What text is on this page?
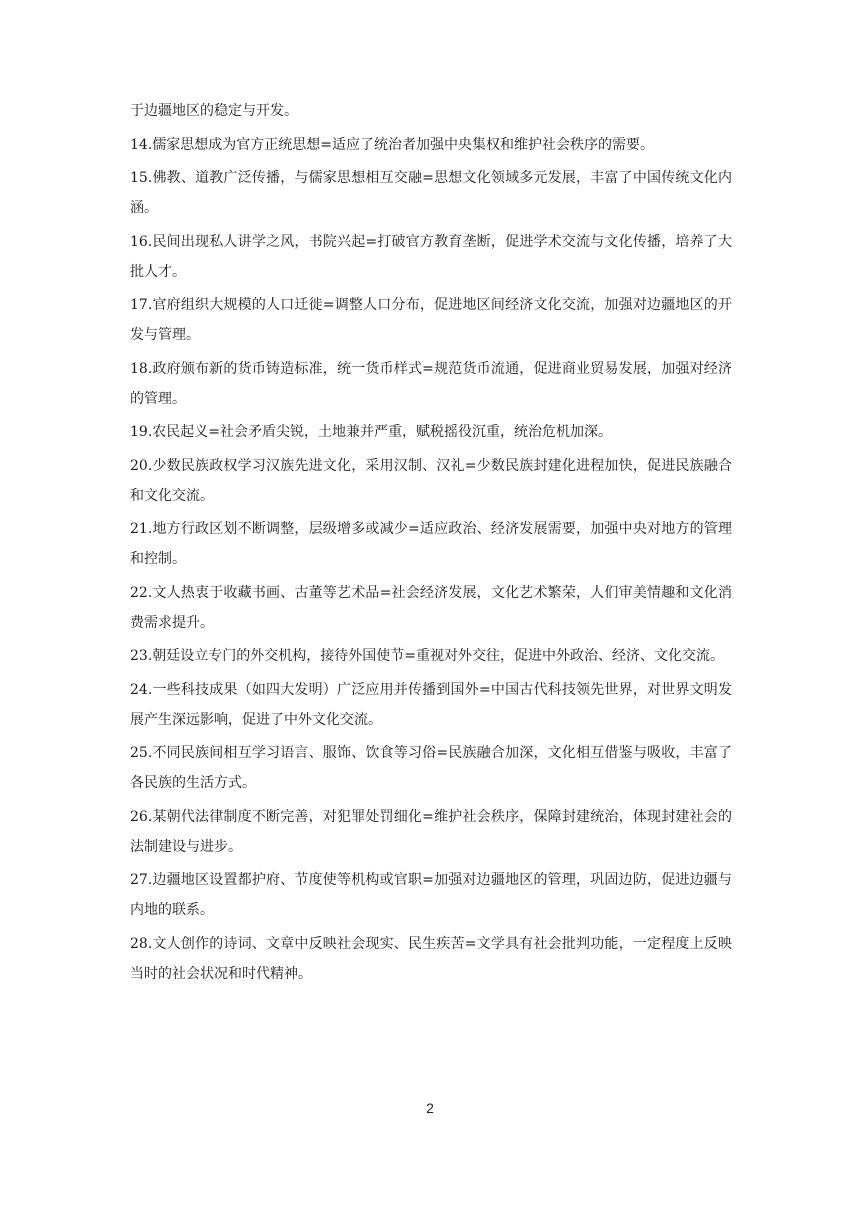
于边疆地区的稳定与开发。

14.儒家思想成为官方正统思想=适应了统治者加强中央集权和维护社会秩序的需要。

15.佛教、道教广泛传播，与儒家思想相互交融=思想文化领域多元发展，丰富了中国传统文化内涵。

16.民间出现私人讲学之风，书院兴起=打破官方教育垄断，促进学术交流与文化传播，培养了大批人才。

17.官府组织大规模的人口迁徙=调整人口分布，促进地区间经济文化交流，加强对边疆地区的开发与管理。

18.政府颁布新的货币铸造标准，统一货币样式=规范货币流通，促进商业贸易发展，加强对经济的管理。

19.农民起义=社会矛盾尖锐，土地兼并严重，赋税摇役沉重，统治危机加深。

20.少数民族政权学习汉族先进文化，采用汉制、汉礼=少数民族封建化进程加快，促进民族融合和文化交流。

21.地方行政区划不断调整，层级增多或减少=适应政治、经济发展需要，加强中央对地方的管理和控制。

22.文人热衷于收藏书画、古董等艺术品=社会经济发展，文化艺术繁荣，人们审美情趣和文化消费需求提升。

23.朝廷设立专门的外交机构，接待外国使节=重视对外交往，促进中外政治、经济、文化交流。

24.一些科技成果（如四大发明）广泛应用并传播到国外=中国古代科技领先世界，对世界文明发展产生深远影响，促进了中外文化交流。

25.不同民族间相互学习语言、服饰、饮食等习俗=民族融合加深，文化相互借鉴与吸收，丰富了各民族的生活方式。

26.某朝代法律制度不断完善，对犯罪处罚细化=维护社会秩序，保障封建统治，体现封建社会的法制建设与进步。

27.边疆地区设置都护府、节度使等机构或官职=加强对边疆地区的管理，巩固边防，促进边疆与内地的联系。

28.文人创作的诗词、文章中反映社会现实、民生疾苦=文学具有社会批判功能，一定程度上反映当时的社会状况和时代精神。

2
